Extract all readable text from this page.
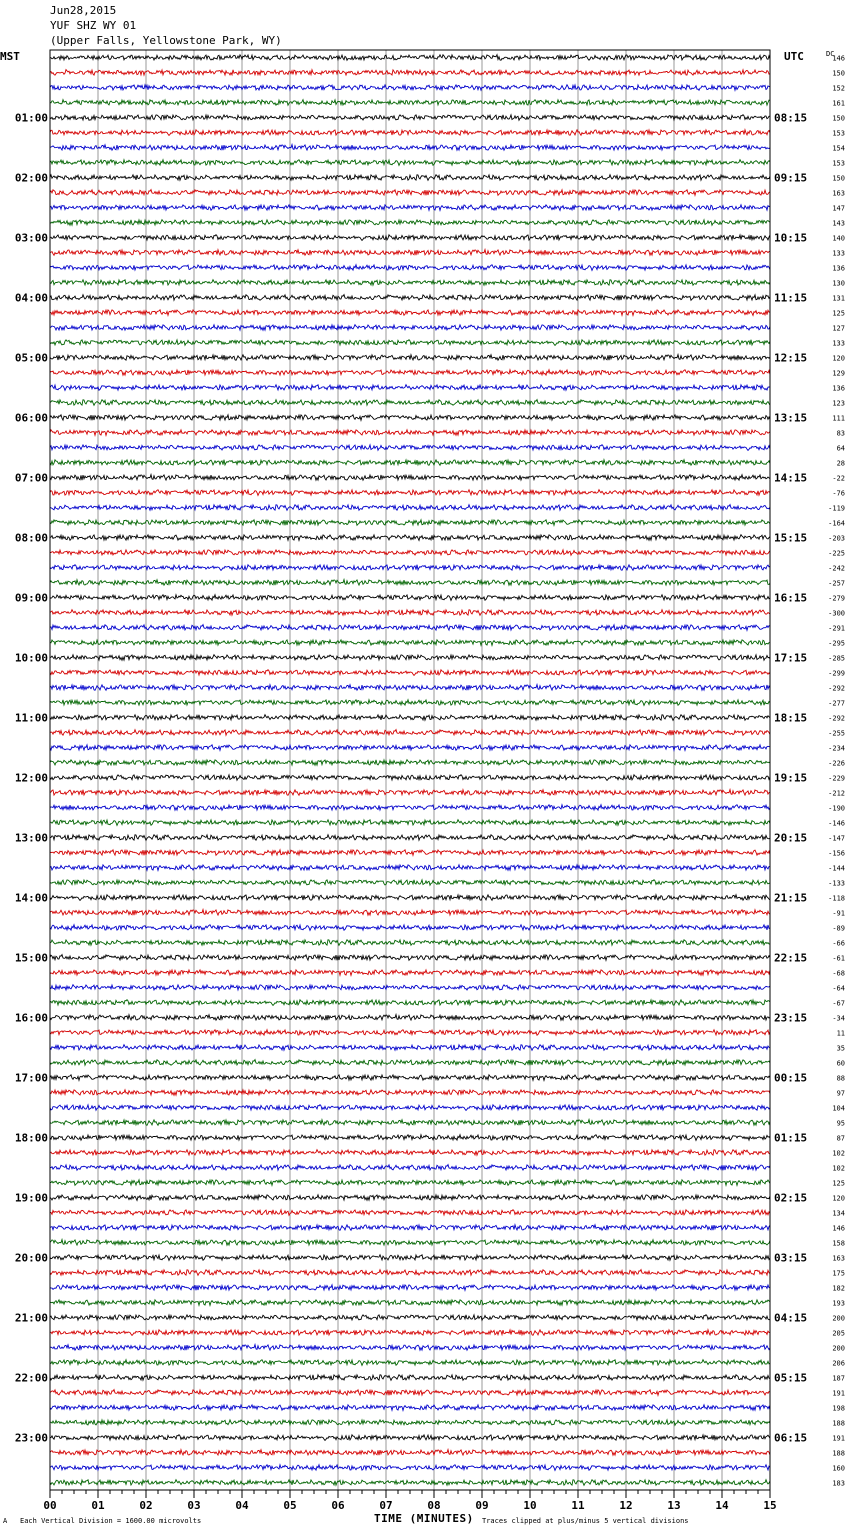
Jun28,2015
YUF SHZ WY 01
(Upper Falls, Yellowstone Park, WY)
MST	UTC
01:00
02:00
03:00
04:00
05:00
06:00
07:00
08:00
09:00
10:00
11:00
12:00
13:00
14:00
15:00
16:00
17:00
18:00
19:00
20:00
21:00
22:00
23:00
08:15
09:15
10:15
11:15
12:15
13:15
14:15
15:15
16:15
17:15
18:15
19:15
20:15
21:15
22:15
23:15
00:15
01:15
02:15
03:15
04:15
05:15
06:15
146
150
152
161
150
153
154
153
150
163
147
143
140
133
136
130
131
125
127
133
120
129
136
123
111
83
64
28
-22
-76
-119
-164
-203
-225
-242
-257
-279
-300
-291
-295
-285
-299
-292
-277
-292
-255
-234
-226
-229
-212
-190
-146
-147
-156
-144
-133
-118
-91
-89
-66
-61
-68
-64
-67
-34
11
35
60
88
97
104
95
87
102
102
125
120
134
146
158
163
175
182
193
200
205
200
206
187
191
198
188
191
188
160
183
00	01	02	03	04	05	06	07	08	09	10	11	12	13	14	15
DC
TIME (MINUTES)
A Each Vertical Division = 1600.00 microvolts	Traces clipped at plus/minus 5 vertical divisions
